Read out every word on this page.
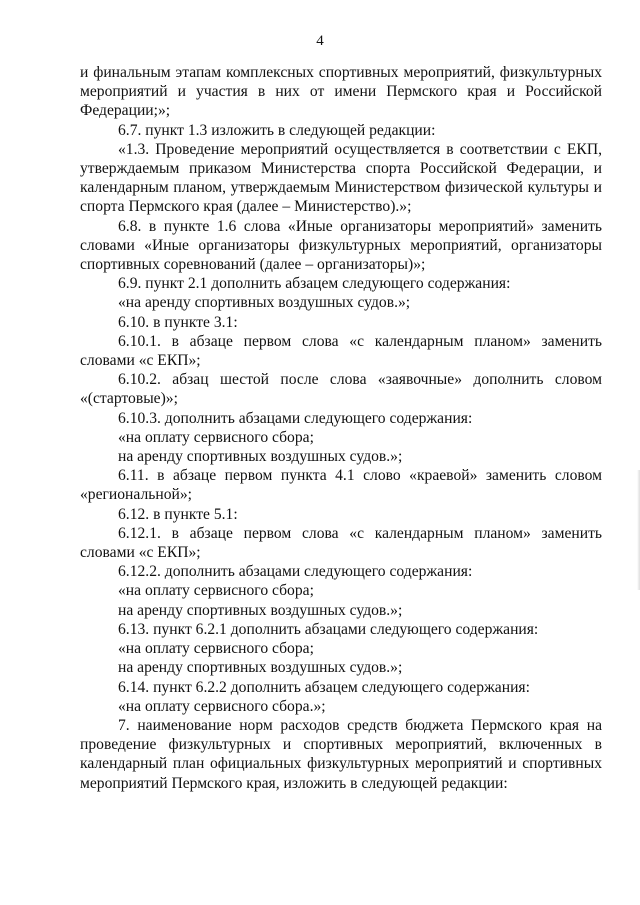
4

и финальным этапам комплексных спортивных мероприятий, физкультурных мероприятий и участия в них от имени Пермского края и Российской Федерации;»;

6.7. пункт 1.3 изложить в следующей редакции:

«1.3. Проведение мероприятий осуществляется в соответствии с ЕКП, утверждаемым приказом Министерства спорта Российской Федерации, и календарным планом, утверждаемым Министерством физической культуры и спорта Пермского края (далее – Министерство).»;

6.8. в пункте 1.6 слова «Иные организаторы мероприятий» заменить словами «Иные организаторы физкультурных мероприятий, организаторы спортивных соревнований (далее – организаторы)»;

6.9. пункт 2.1 дополнить абзацем следующего содержания:

«на аренду спортивных воздушных судов.»;

6.10. в пункте 3.1:

6.10.1. в абзаце первом слова «с календарным планом» заменить словами «с ЕКП»;

6.10.2. абзац шестой после слова «заявочные» дополнить словом «(стартовые)»;

6.10.3. дополнить абзацами следующего содержания:

«на оплату сервисного сбора;

на аренду спортивных воздушных судов.»;

6.11. в абзаце первом пункта 4.1 слово «краевой» заменить словом «региональной»;

6.12. в пункте 5.1:

6.12.1. в абзаце первом слова «с календарным планом» заменить словами «с ЕКП»;

6.12.2. дополнить абзацами следующего содержания:

«на оплату сервисного сбора;

на аренду спортивных воздушных судов.»;

6.13. пункт 6.2.1 дополнить абзацами следующего содержания:

«на оплату сервисного сбора;

на аренду спортивных воздушных судов.»;

6.14. пункт 6.2.2 дополнить абзацем следующего содержания:

«на оплату сервисного сбора.»;

7. наименование норм расходов средств бюджета Пермского края на проведение физкультурных и спортивных мероприятий, включенных в календарный план официальных физкультурных мероприятий и спортивных мероприятий Пермского края, изложить в следующей редакции:
